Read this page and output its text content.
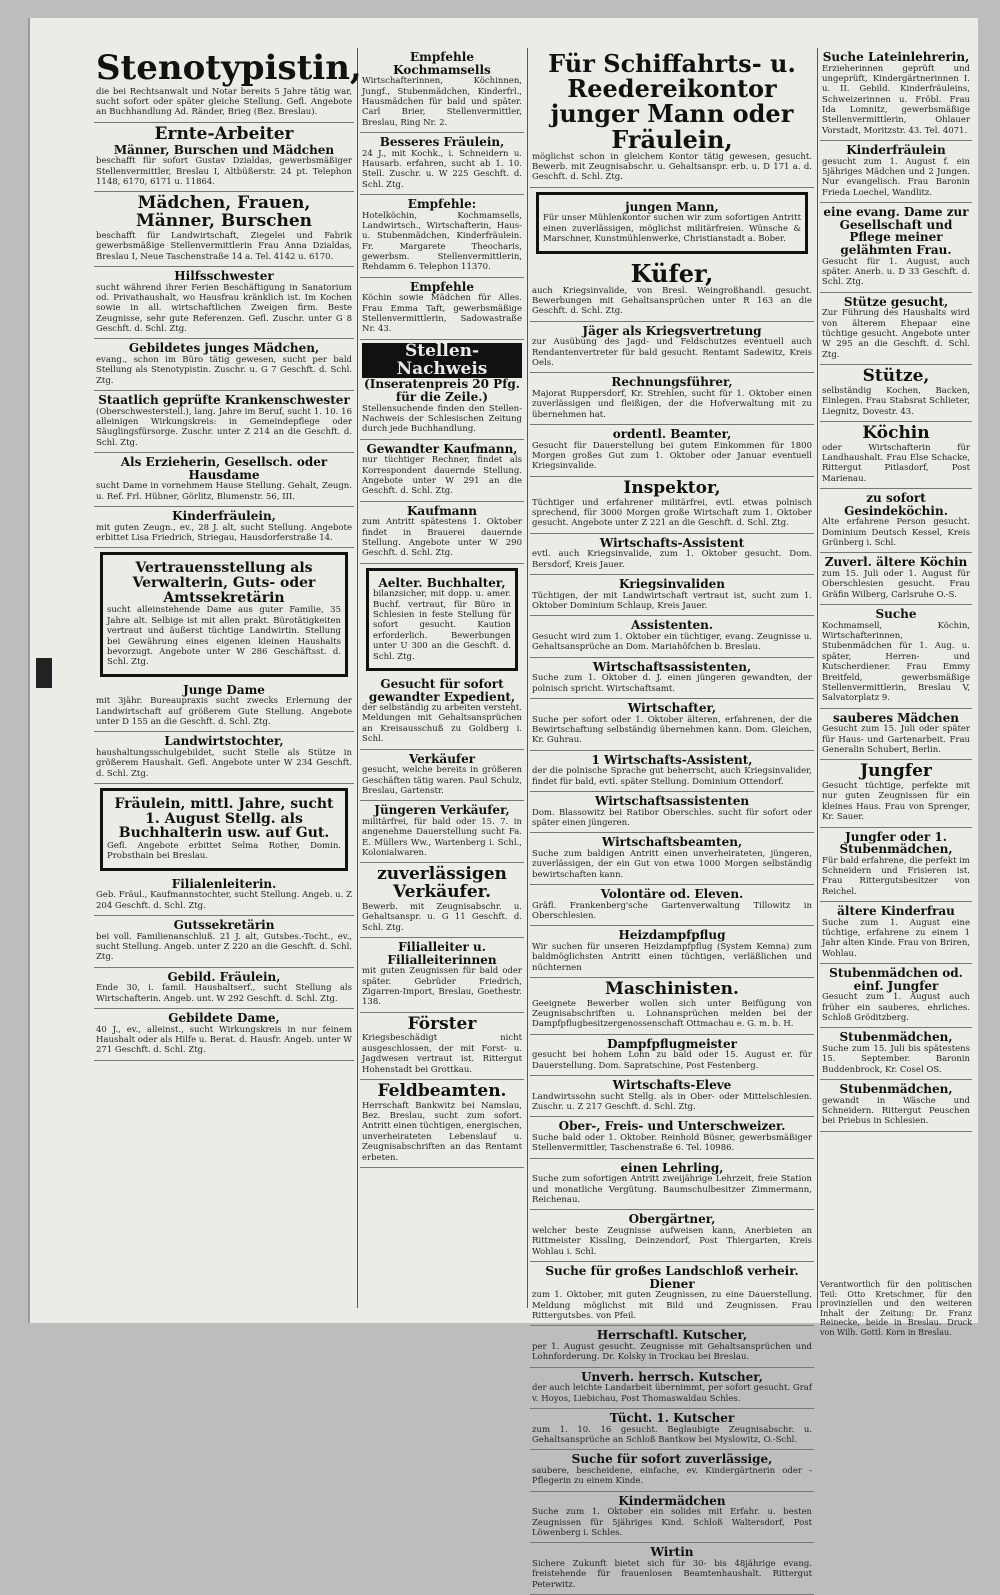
Stenotypistin,
die bei Rechtsanwalt und Notar bereits 5 Jahre tätig war, sucht sofort oder später gleiche Stellung. Gefl. Angebote an Buchhandlung Ad. Ränder, Brieg (Bez. Breslau).
Ernte-Arbeiter
Männer, Burschen und Mädchen
beschafft für sofort Gustav Dzialdas, gewerbsmäßiger Stellenvermittler, Breslau I, Altbüßerstr. 24 pt. Telephon 1148, 6170, 6171 u. 11864.
Mädchen, Frauen, Männer, Burschen
beschafft für Landwirtschaft, Ziegelei und Fabrik gewerbsmäßige Stellenvermittlerin Frau Anna Dzialdas, Breslau I, Neue Taschenstraße 14 a. Tel. 4142 u. 6170.
Hilfsschwester
sucht während ihrer Ferien Beschäftigung in Sanatorium od. Privathaushalt, wo Hausfrau kränklich ist. Im Kochen sowie in all. wirtschaftlichen Zweigen firm. Beste Zeugnisse, sehr gute Referenzen. Gefl. Zuschr. unter G 8 Geschft. d. Schl. Ztg.
Gebildetes junges Mädchen,
evang., schon im Büro tätig gewesen, sucht per bald Stellung als Stenotypistin. Zuschr. u. G 7 Geschft. d. Schl. Ztg.
Staatlich geprüfte Krankenschwester
(Oberschwesterstell.), lang. Jahre im Beruf, sucht 1. 10. 16 alleinigen Wirkungskreis: in Gemeindepflege oder Säuglingsfürsorge. Zuschr. unter Z 214 an die Geschft. d. Schl. Ztg.
Als Erzieherin, Gesellsch. oder Hausdame
sucht Dame in vornehmem Hause Stellung. Gehalt, Zeugn. u. Ref. Frl. Hübner, Görlitz, Blumenstr. 56, III.
Kinderfräulein,
mit guten Zeugn., ev., 28 J. alt, sucht Stellung. Angebote erbittet Lisa Friedrich, Striegau, Hausdorferstraße 14.
Vertrauensstellung als Verwalterin, Guts- oder Amtssekretärin
sucht alleinstehende Dame aus guter Familie, 35 Jahre alt. Selbige ist mit allen prakt. Bürotätigkeiten vertraut und äußerst tüchtige Landwirtin. Stellung bei Gewährung eines eigenen kleinen Haushalts bevorzugt. Angebote unter W 286 Geschäftsst. d. Schl. Ztg.
Junge Dame
mit 3jähr. Bureaupraxis sucht zwecks Erlernung der Landwirtschaft auf größerem Gute Stellung. Angebote unter D 155 an die Geschft. d. Schl. Ztg.
Landwirtstochter,
haushaltungsschulgebildet, sucht Stelle als Stütze in größerem Haushalt. Gefl. Angebote unter W 234 Geschft. d. Schl. Ztg.
Fräulein, mittl. Jahre, sucht 1. August Stellg. als Buchhalterin usw. auf Gut.
Gefl. Angebote erbittet Selma Rother, Domin. Probsthain bei Breslau.
Filialenleiterin.
Geb. Fräul., Kaufmannstochter, sucht Stellung. Angeb. u. Z 204 Geschft. d. Schl. Ztg.
Gutssekretärin
bei voll. Familienanschluß. 21 J. alt, Gutsbes.-Tocht., ev., sucht Stellung. Angeb. unter Z 220 an die Geschft. d. Schl. Ztg.
Gebild. Fräulein,
Ende 30, i. famil. Haushaltserf., sucht Stellung als Wirtschafterin. Angeb. unt. W 292 Geschft. d. Schl. Ztg.
Gebildete Dame,
40 J., ev., alleinst., sucht Wirkungskreis in nur feinem Haushalt oder als Hilfe u. Berat. d. Hausfr. Angeb. unter W 271 Geschft. d. Schl. Ztg.
Empfehle Kochmamsells
Wirtschafterinnen, Köchinnen, Jungf., Stubenmädchen, Kinderfrl., Hausmädchen für bald und später. Carl Brier, Stellenvermittler, Breslau, Ring Nr. 2.
Besseres Fräulein,
24 J., mit Kochk., i. Schneidern u. Hausarb. erfahren, sucht ab 1. 10. Stell. Zuschr. u. W 225 Geschft. d. Schl. Ztg.
Empfehle:
Hotelköchin, Kochmamsells, Landwirtsch., Wirtschafterin, Haus- u. Stubenmädchen, Kinderfräulein. Fr. Margarete Theocharis, gewerbsm. Stellenvermittlerin, Rehdamm 6. Telephon 11370.
Empfehle
Köchin sowie Mädchen für Alles. Frau Emma Taft, gewerbsmäßige Stellenvermittlerin, Sadowastraße Nr. 43.
Stellen-Nachweis
(Inseratenpreis 20 Pfg. für die Zeile.)
Stellensuchende finden den Stellen-Nachweis der Schlesischen Zeitung durch jede Buchhandlung.
Gewandter Kaufmann,
nur tüchtiger Rechner, findet als Korrespondent dauernde Stellung. Angebote unter W 291 an die Geschft. d. Schl. Ztg.
Kaufmann
zum Antritt spätestens 1. Oktober findet in Brauerei dauernde Stellung. Angebote unter W 290 Geschft. d. Schl. Ztg.
Aelter. Buchhalter,
bilanzsicher, mit dopp. u. amer. Buchf. vertraut, für Büro in Schlesien in feste Stellung für sofort gesucht. Kaution erforderlich. Bewerbungen unter U 300 an die Geschft. d. Schl. Ztg.
Gesucht für sofort gewandter Expedient,
der selbständig zu arbeiten versteht. Meldungen mit Gehaltsansprüchen an Kreisausschuß zu Goldberg i. Schl.
Verkäufer
gesucht, welche bereits in größeren Geschäften tätig waren. Paul Schulz, Breslau, Gartenstr.
Jüngeren Verkäufer,
militärfrei, für bald oder 15. 7. in angenehme Dauerstellung sucht Fa. E. Müllers Ww., Wartenberg i. Schl., Kolonialwaren.
zuverlässigen Verkäufer.
Bewerb. mit Zeugnisabschr. u. Gehaltsanspr. u. G 11 Geschft. d. Schl. Ztg.
Filialleiter u. Filialleiterinnen
mit guten Zeugnissen für bald oder später. Gebrüder Friedrich, Zigarren-Import, Breslau, Goethestr. 138.
Förster
Kriegsbeschädigt nicht ausgeschlossen, der mit Forst- u. Jagdwesen vertraut ist. Rittergut Hohenstadt bei Grottkau.
Feldbeamten.
Herrschaft Bankwitz bei Namslau, Bez. Breslau, sucht zum sofort. Antritt einen tüchtigen, energischen, unverheirateten Lebenslauf u. Zeugnisabschriften an das Rentamt erbeten.
Für Schiffahrts- u. Reedereikontor
junger Mann oder Fräulein,
möglichst schon in gleichem Kontor tätig gewesen, gesucht. Bewerb. mit Zeugnisabschr. u. Gehaltsanspr. erb. u. D 171 a. d. Geschft. d. Schl. Ztg.
jungen Mann,
Für unser Mühlenkontor suchen wir zum sofortigen Antritt einen zuverlässigen, möglichst militärfreien. Wünsche & Marschner, Kunstmühlenwerke, Christianstadt a. Bober.
Küfer,
auch Kriegsinvalide, von Bresl. Weingroßhandl. gesucht. Bewerbungen mit Gehaltsansprüchen unter R 163 an die Geschft. d. Schl. Ztg.
Jäger als Kriegsvertretung
zur Ausübung des Jagd- und Feldschutzes eventuell auch Rendantenvertreter für bald gesucht. Rentamt Sadewitz, Kreis Oels.
Rechnungsführer,
Majorat Ruppersdorf, Kr. Strehlen, sucht für 1. Oktober einen zuverlässigen und fleißigen, der die Hofverwaltung mit zu übernehmen hat.
ordentl. Beamter,
Gesucht für Dauerstellung bei gutem Einkommen für 1800 Morgen großes Gut zum 1. Oktober oder Januar eventuell Kriegsinvalide.
Inspektor,
Tüchtiger und erfahrener militärfrei, evtl. etwas polnisch sprechend, für 3000 Morgen große Wirtschaft zum 1. Oktober gesucht. Angebote unter Z 221 an die Geschft. d. Schl. Ztg.
Wirtschafts-Assistent
evtl. auch Kriegsinvalide, zum 1. Oktober gesucht. Dom. Bersdorf, Kreis Jauer.
Kriegsinvaliden
Tüchtigen, der mit Landwirtschaft vertraut ist, sucht zum 1. Oktober Dominium Schlaup, Kreis Jauer.
Assistenten.
Gesucht wird zum 1. Oktober ein tüchtiger, evang. Zeugnisse u. Gehaltsansprüche an Dom. Mariahöfchen b. Breslau.
Wirtschaftsassistenten,
Suche zum 1. Oktober d. J. einen jüngeren gewandten, der polnisch spricht. Wirtschaftsamt.
Wirtschafter,
Suche per sofort oder 1. Oktober älteren, erfahrenen, der die Bewirtschaftung selbständig übernehmen kann. Dom. Gleichen, Kr. Guhrau.
1 Wirtschafts-Assistent,
der die polnische Sprache gut beherrscht, auch Kriegsinvalider, findet für bald, evtl. später Stellung. Dominium Ottendorf.
Wirtschaftsassistenten
Dom. Blassowitz bei Ratibor Oberschles. sucht für sofort oder später einen jüngeren.
Wirtschaftsbeamten,
Suche zum baldigen Antritt einen unverheirateten, jüngeren, zuverlässigen, der ein Gut von etwa 1000 Morgen selbständig bewirtschaften kann.
Volontäre od. Eleven.
Gräfl. Frankenberg'sche Gartenverwaltung Tillowitz in Oberschlesien.
Heizdampfpflug
Wir suchen für unseren Heizdampfpflug (System Kemna) zum baldmöglichsten Antritt einen tüchtigen, verläßlichen und nüchternen
Maschinisten.
Geeignete Bewerber wollen sich unter Beifügung von Zeugnisabschriften u. Lohnansprüchen melden bei der Dampfpflugbesitzergenossenschaft Ottmachau e. G. m. b. H.
Dampfpflugmeister
gesucht bei hohem Lohn zu bald oder 15. August er. für Dauerstellung. Dom. Sapratschine, Post Festenberg.
Wirtschafts-Eleve
Landwirtssohn sucht Stellg. als in Ober- oder Mittelschlesien. Zuschr. u. Z 217 Geschft. d. Schl. Ztg.
Ober-, Freis- und Unterschweizer.
Suche bald oder 1. Oktober. Reinhold Büsner, gewerbsmäßiger Stellenvermittler, Taschenstraße 6. Tel. 10986.
einen Lehrling,
Suche zum sofortigen Antritt zweijährige Lehrzeit, freie Station und monatliche Vergütung. Baumschulbesitzer Zimmermann, Reichenau.
Obergärtner,
welcher beste Zeugnisse aufweisen kann, Anerbieten an Rittmeister Kissling, Deinzendorf, Post Thiergarten, Kreis Wohlau i. Schl.
Suche für großes Landschloß verheir. Diener
zum 1. Oktober, mit guten Zeugnissen, zu eine Dauerstellung. Meldung möglichst mit Bild und Zeugnissen. Frau Rittergutsbes. von Pfeil.
Herrschaftl. Kutscher,
per 1. August gesucht. Zeugnisse mit Gehaltsansprüchen und Lohnforderung. Dr. Kolsky in Trockau bei Breslau.
Unverh. herrsch. Kutscher,
der auch leichte Landarbeit übernimmt, per sofort gesucht. Graf v. Hoyos, Liebichau, Post Thomaswaldau Schles.
Tücht. 1. Kutscher
zum 1. 10. 16 gesucht. Beglaubigte Zeugnisabschr. u. Gehaltsansprüche an Schloß Bantkow bei Myslowitz, O.-Schl.
Suche für sofort zuverlässige,
saubere, bescheidene, einfache, ev. Kindergärtnerin oder -Pflegerin zu einem Kinde.
Kindermädchen
Suche zum 1. Oktober ein solides mit Erfahr. u. besten Zeugnissen für 5jähriges Kind. Schloß Waltersdorf, Post Löwenberg i. Schles.
Wirtin
Sichere Zukunft bietet sich für 30- bis 48jährige evang. freistehende für frauenlosen Beamtenhaushalt. Rittergut Peterwitz.
Suche Lateinlehrerin,
Erzieherinnen geprüft und ungeprüft, Kindergärtnerinnen I. u. II. Gebild. Kinderfräuleins, Schweizerinnen u. Fröbl. Frau Ida Lomnitz, gewerbsmäßige Stellenvermittlerin, Ohlauer Vorstadt, Moritzstr. 43. Tel. 4071.
Kinderfräulein
gesucht zum 1. August f. ein 5jähriges Mädchen und 2 Jungen. Nur evangelisch. Frau Baronin Frieda Loechel, Wandlitz.
eine evang. Dame zur Gesellschaft und Pflege meiner gelähmten Frau.
Gesucht für 1. August, auch später. Anerb. u. D 33 Geschft. d. Schl. Ztg.
Stütze gesucht,
Zur Führung des Haushalts wird von älterem Ehepaar eine tüchtige gesucht. Angebote unter W 295 an die Geschft. d. Schl. Ztg.
Stütze,
selbständig Kochen, Backen, Einlegen. Frau Stabsrat Schlieter, Liegnitz, Dovestr. 43.
Köchin
oder Wirtschafterin für Landhaushalt. Frau Else Schacke, Rittergut Pitlasdorf, Post Marienau.
zu sofort Gesindeköchin.
Alte erfahrene Person gesucht. Dominium Deutsch Kessel, Kreis Grünberg i. Schl.
Zuverl. ältere Köchin
zum 15. Juli oder 1. August für Oberschlesien gesucht. Frau Gräfin Wilberg, Carlsruhe O.-S.
Suche
Kochmamsell, Köchin, Wirtschafterinnen, Stubenmädchen für 1. Aug. u. später, Herren- und Kutscherdiener. Frau Emmy Breitfeld, gewerbsmäßige Stellenvermittlerin, Breslau V, Salvatorplatz 9.
sauberes Mädchen
Gesucht zum 15. Juli oder später für Haus- und Gartenarbeit. Frau Generalin Schubert, Berlin.
Jungfer
Gesucht tüchtige, perfekte mit nur guten Zeugnissen für ein kleines Haus. Frau von Sprenger, Kr. Sauer.
Jungfer oder 1. Stubenmädchen,
Für bald erfahrene, die perfekt im Schneidern und Frisieren ist. Frau Rittergutsbesitzer von Reichel.
ältere Kinderfrau
Suche zum 1. August eine tüchtige, erfahrene zu einem 1 Jahr alten Kinde. Frau von Briren, Wohlau.
Stubenmädchen od. einf. Jungfer
Gesucht zum 1. August auch früher ein sauberes, ehrliches. Schloß Gröditzberg.
Stubenmädchen,
Suche zum 15. Juli bis spätestens 15. September. Baronin Buddenbrock, Kr. Cosel OS.
Stubenmädchen,
gewandt in Wäsche und Schneidern. Rittergut Peuschen bei Priebus in Schlesien.
Verantwortlich für den politischen Teil: Otto Kretschmer, für den provinziellen und den weiteren Inhalt der Zeitung: Dr. Franz Reinecke, beide in Breslau. Druck von Wilh. Gottl. Korn in Breslau.
